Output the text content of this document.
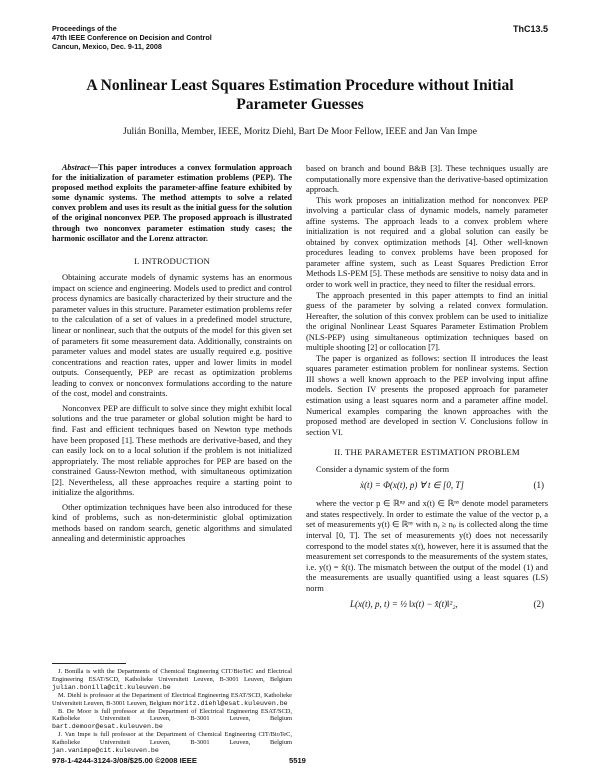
Proceedings of the
47th IEEE Conference on Decision and Control
Cancun, Mexico, Dec. 9-11, 2008
ThC13.5
A Nonlinear Least Squares Estimation Procedure without Initial
Parameter Guesses
Julián Bonilla, Member, IEEE, Moritz Diehl, Bart De Moor Fellow, IEEE and Jan Van Impe

Abstract—This paper introduces a convex formulation approach for the initialization of parameter estimation problems (PEP). The proposed method exploits the parameter-affine feature exhibited by some dynamic systems. The method attempts to solve a related convex problem and uses its result as the initial guess for the solution of the original nonconvex PEP. The proposed approach is illustrated through two nonconvex parameter estimation study cases; the harmonic oscillator and the Lorenz attractor.

I. INTRODUCTION

Obtaining accurate models of dynamic systems has an enormous impact on science and engineering. Models used to predict and control process dynamics are basically characterized by their structure and the parameter values in this structure. Parameter estimation problems refer to the calculation of a set of values in a predefined model structure, linear or nonlinear, such that the outputs of the model for this given set of parameters fit some measurement data. Additionally, constraints on parameter values and model states are usually required e.g. positive concentrations and reaction rates, upper and lower limits in model outputs. Consequently, PEP are recast as optimization problems leading to convex or nonconvex formulations according to the nature of the cost, model and constraints.

Nonconvex PEP are difficult to solve since they might exhibit local solutions and the true parameter or global solution might be hard to find. Fast and efficient techniques based on Newton type methods have been proposed [1]. These methods are derivative-based, and they can easily lock on to a local solution if the problem is not initialized appropriately. The most reliable approches for PEP are based on the constrained Gauss-Newton method, with simultaneous optimization [2]. Nevertheless, all these approaches require a starting point to initialize the algorithms.

Other optimization techniques have been also introduced for these kind of problems, such as non-deterministic global optimization methods based on random search, genetic algorithms and simulated annealing and deterministic approaches

J. Bonilla is with the Departments of Chemical Engineering CIT/BioTeC and Electrical Engineering ESAT/SCD, Katholieke Universiteit Leuven, B-3001 Leuven, Belgium julian.bonilla@cit.kuleuven.be

M. Diehl is professor at the Department of Electrical Engineering ESAT/SCD, Katholieke Universiteit Leuven, B-3001 Leuven, Belgium moritz.diehl@esat.kuleuven.be

B. De Moor is full professor at the Department of Electrical Engineering ESAT/SCD, Katholieke Universiteit Leuven, B-3001 Leuven, Belgium bart.demoor@esat.kuleuven.be

J. Van Impe is full professor at the Department of Chemical Engineering CIT/BioTeC, Katholieke Universiteit Leuven, B-3001 Leuven, Belgium jan.vanimpe@cit.kuleuven.be

based on branch and bound B&B [3]. These techniques usually are computationally more expensive than the derivative-based optimization approach.

This work proposes an initialization method for nonconvex PEP involving a particular class of dynamic models, namely parameter affine systems. The approach leads to a convex problem where initialization is not required and a global solution can easily be obtained by convex optimization methods [4]. Other well-known procedures leading to convex problems have been proposed for parameter affine system, such as Least Squares Prediction Error Methods LS-PEM [5]. These methods are sensitive to noisy data and in order to work well in practice, they need to filter the residual errors.

The approach presented in this paper attempts to find an initial guess of the parameter by solving a related convex formulation. Hereafter, the solution of this convex problem can be used to initialize the original Nonlinear Least Squares Parameter Estimation Problem (NLS-PEP) using simultaneous optimization techniques based on multiple shooting [2] or collocation [7].

The paper is organized as follows: section II introduces the least squares parameter estimation problem for nonlinear systems. Section III shows a well known approach to the PEP involving input affine models. Section IV presents the proposed approach for parameter estimation using a least squares norm and a parameter affine model. Numerical examples comparing the known approaches with the proposed method are developed in section V. Conclusions follow in section VI.

II. THE PARAMETER ESTIMATION PROBLEM

Consider a dynamic system of the form

ẋ(t) = Φ(x(t), p) ∀ t ∈ [0, T]	(1)

where the vector p ∈ ℝⁿᵖ and x(t) ∈ ℝⁿˣ denote model parameters and states respectively. In order to estimate the value of the vector p, a set of measurements y(t) ∈ ℝⁿʸ with nᵧ ≥ nₚ is collected along the time interval [0, T]. The set of measurements y(t) does not necessarily correspond to the model states x(t), however, here it is assumed that the measurement set corresponds to the measurements of the system states, i.e. y(t) = x̂(t). The mismatch between the output of the model (1) and the measurements are usually quantified using a least squares (LS) norm

L(x(t), p, t) = ½ ‖x(t) − x̂(t)‖²₂,	(2)
978-1-4244-3124-3/08/$25.00 ©2008 IEEE	5519
